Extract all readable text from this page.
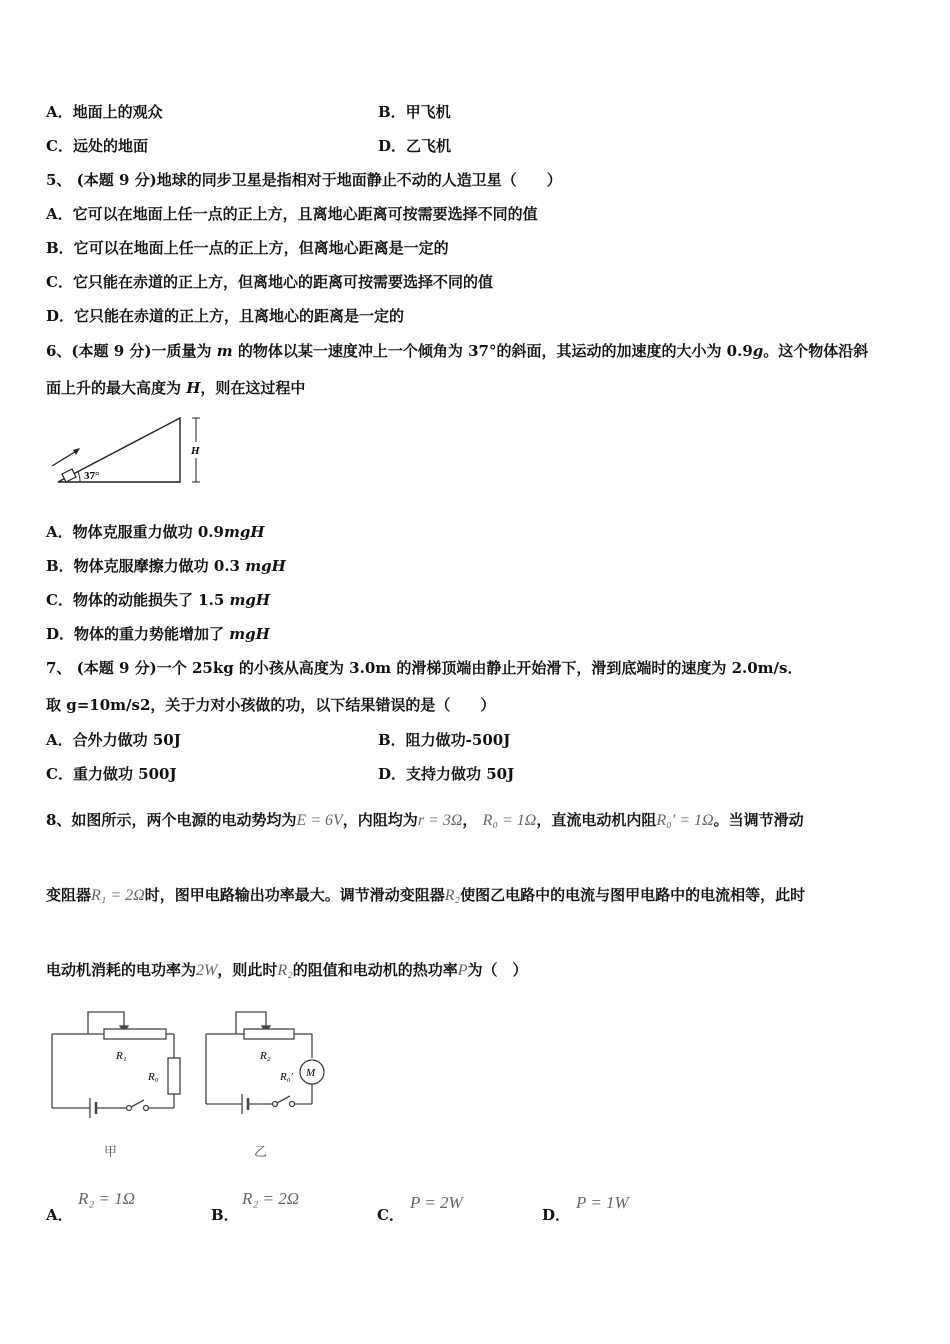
A．地面上的观众	B．甲飞机
C．远处的地面	D．乙飞机
5、 (本题 9 分)地球的同步卫星是指相对于地面静止不动的人造卫星（　　）
A．它可以在地面上任一点的正上方，且离地心距离可按需要选择不同的值
B．它可以在地面上任一点的正上方，但离地心距离是一定的
C．它只能在赤道的正上方，但离地心的距离可按需要选择不同的值
D．它只能在赤道的正上方，且离地心的距离是一定的
6、(本题 9 分)一质量为 m 的物体以某一速度冲上一个倾角为 37°的斜面，其运动的加速度的大小为 0.9g。这个物体沿斜
面上升的最大高度为 H，则在这过程中
37°
H
A．物体克服重力做功 0.9mgH
B．物体克服摩擦力做功 0.3 mgH
C．物体的动能损失了 1.5 mgH
D．物体的重力势能增加了 mgH
7、 (本题 9 分)一个 25kg 的小孩从高度为 3.0m 的滑梯顶端由静止开始滑下，滑到底端时的速度为 2.0m/s．
取 g=10m/s2，关于力对小孩做的功，以下结果错误的是（　　）
A．合外力做功 50J	B．阻力做功-500J
C．重力做功 500J	D．支持力做功 50J
8、如图所示，两个电源的电动势均为E = 6V，内阻均为r = 3Ω， R₀ = 1Ω，直流电动机内阻R₀′ = 1Ω。当调节滑动
变阻器R₁ = 2Ω时，图甲电路输出功率最大。调节滑动变阻器R₂使图乙电路中的电流与图甲电路中的电流相等，此时
电动机消耗的电功率为2W，则此时R₂的阻值和电动机的热功率P为（　）
R₁
R₀
甲
M
R₂
R₀′
乙
A．
R₂ = 1Ω
B．
R₂ = 2Ω
C．
P = 2W
D．
P = 1W
